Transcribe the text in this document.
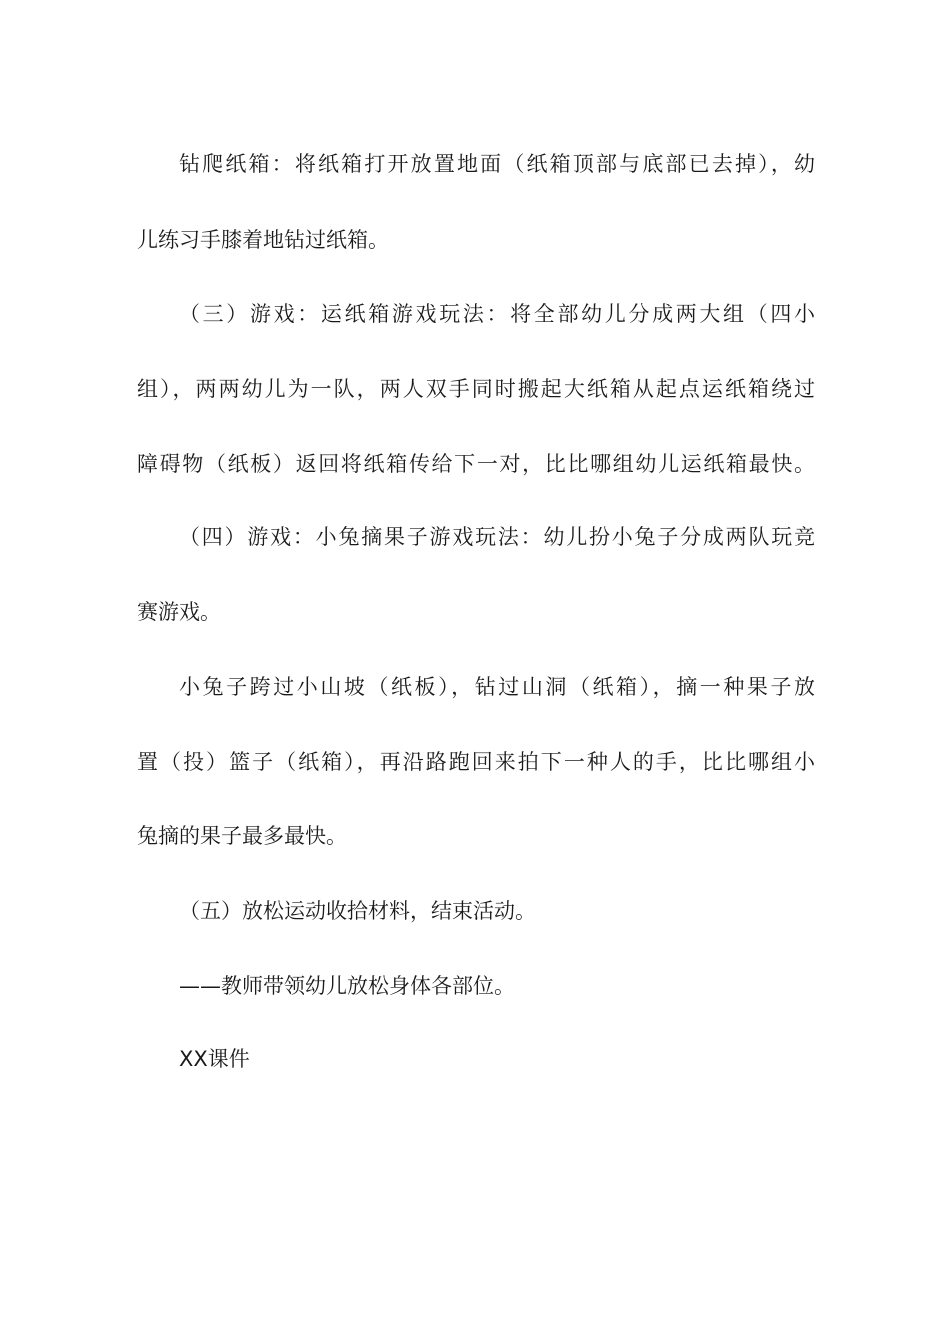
钻爬纸箱：将纸箱打开放置地面（纸箱顶部与底部已去掉），幼
儿练习手膝着地钻过纸箱。
（三）游戏：运纸箱游戏玩法：将全部幼儿分成两大组（四小
组），两两幼儿为一队，两人双手同时搬起大纸箱从起点运纸箱绕过
障碍物（纸板）返回将纸箱传给下一对，比比哪组幼儿运纸箱最快。
（四）游戏：小兔摘果子游戏玩法：幼儿扮小兔子分成两队玩竞
赛游戏。
小兔子跨过小山坡（纸板），钻过山洞（纸箱），摘一种果子放
置（投）篮子（纸箱），再沿路跑回来拍下一种人的手，比比哪组小
兔摘的果子最多最快。
（五）放松运动收拾材料，结束活动。
——教师带领幼儿放松身体各部位。
XX课件
